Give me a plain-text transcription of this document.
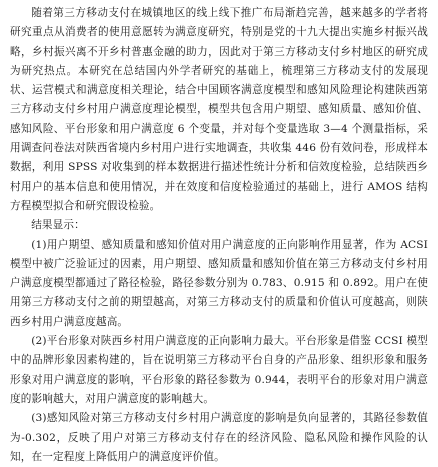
随着第三方移动支付在城镇地区的线上线下推广布局渐趋完善，越来越多的学者将研究重点从消费者的使用意愿转为满意度研究，特别是党的十九大提出实施乡村振兴战略，乡村振兴离不开乡村普惠金融的助力，因此对于第三方移动支付乡村地区的研究成为研究热点。本研究在总结国内外学者研究的基础上，梳理第三方移动支付的发展现状、运营模式和满意度相关理论，结合中国顾客满意度模型和感知风险理论构建陕西第三方移动支付乡村用户满意度理论模型，模型共包含用户期望、感知质量、感知价值、感知风险、平台形象和用户满意度 6 个变量，并对每个变量选取 3—4 个测量指标，采用调查问卷法对陕西省境内乡村用户进行实地调查，共收集 446 份有效问卷，形成样本数据，利用 SPSS 对收集到的样本数据进行描述性统计分析和信效度检验，总结陕西乡村用户的基本信息和使用情况，并在效度和信度检验通过的基础上，进行 AMOS 结构方程模型拟合和研究假设检验。

结果显示：

(1)用户期望、感知质量和感知价值对用户满意度的正向影响作用显著，作为 ACSI 模型中被广泛验证过的因素，用户期望、感知质量和感知价值在第三方移动支付乡村用户满意度模型都通过了路径检验，路径参数分别为 0.783、0.915 和 0.892。用户在使用第三方移动支付之前的期望越高，对第三方移动支付的质量和价值认可度越高，则陕西乡村用户满意度越高。

(2)平台形象对陕西乡村用户满意度的正向影响力最大。平台形象是借鉴 CCSI 模型中的品牌形象因素构建的，旨在说明第三方移动平台自身的产品形象、组织形象和服务形象对用户满意度的影响，平台形象的路径参数为 0.944，表明平台的形象对用户满意度的影响越大，对用户满意度的影响越大。

(3)感知风险对第三方移动支付乡村用户满意度的影响是负向显著的，其路径参数值为-0.302，反映了用户对第三方移动支付存在的经济风险、隐私风险和操作风险的认知，在一定程度上降低用户的满意度评价值。
